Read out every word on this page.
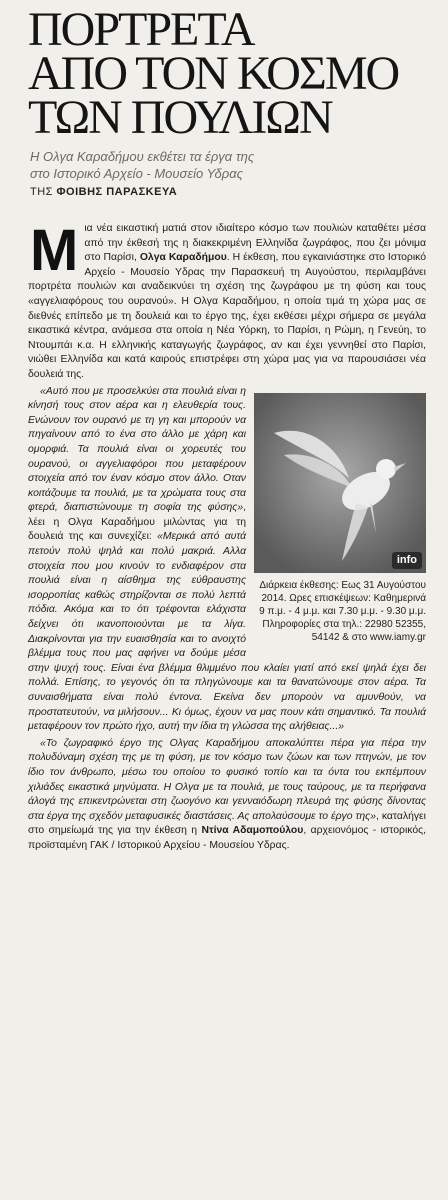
ΠΟΡΤΡΕΤΑ
ΑΠΟ ΤΟΝ ΚΟΣΜΟ
ΤΩΝ ΠΟΥΛΙΩΝ
Η Ολγα Καραδήμου εκθέτει τα έργα της
στο Ιστορικό Αρχείο - Μουσείο Υδρας
ΤΗΣ ΦΟΙΒΗΣ ΠΑΡΑΣΚΕΥΑ

Μια νέα εικαστική ματιά στον ιδιαίτερο κόσμο των πουλιών καταθέτει μέσα από την έκθεσή της η διακεκριμένη Ελληνίδα ζωγράφος, που ζει μόνιμα στο Παρίσι, Ολγα Καραδήμου. Η έκθεση, που εγκαινιάστηκε στο Ιστορικό Αρχείο - Μουσείο Υδρας την Παρασκευή τη Αυγούστου, περιλαμβάνει πορτρέτα πουλιών και αναδεικνύει τη σχέση της ζωγράφου με τη φύση και τους «αγγελιαφόρους του ουρανού». Η Ολγα Καραδήμου, η οποία τιμά τη χώρα μας σε διεθνές επίπεδο με τη δουλειά και το έργο της, έχει εκθέσει μέχρι σήμερα σε μεγάλα εικαστικά κέντρα, ανάμεσα στα οποία η Νέα Υόρκη, το Παρίσι, η Ρώμη, η Γενεύη, το Ντουμπάι κ.α. Η ελληνικής καταγωγής ζωγράφος, αν και έχει γεννηθεί στο Παρίσι, νιώθει Ελληνίδα και κατά καιρούς επιστρέφει στη χώρα μας για να παρουσιάσει νέα δουλειά της.

info
Διάρκεια έκθεσης: Εως 31 Αυγούστου 2014. Ωρες επισκέψεων: Καθημερινά 9 π.μ. - 4 μ.μ. και 7.30 μ.μ. - 9.30 μ.μ. Πληροφορίες στα τηλ.: 22980 52355, 54142 & στο www.iamy.gr

«Αυτό που με προσελκύει στα πουλιά είναι η κίνησή τους στον αέρα και η ελευθερία τους. Ενώνουν τον ουρανό με τη γη και μπορούν να πηγαίνουν από το ένα στο άλλο με χάρη και ομορφιά. Τα πουλιά είναι οι χορευτές του ουρανού, οι αγγελιαφόροι που μεταφέρουν στοιχεία από τον έναν κόσμο στον άλλο. Οταν κοιτάζουμε τα πουλιά, με τα χρώματα τους στα φτερά, διαπιστώνουμε τη σοφία της φύσης», λέει η Ολγα Καραδήμου μιλώντας για τη δουλειά της και συνεχίζει: «Μερικά από αυτά πετούν πολύ ψηλά και πολύ μακριά. Αλλα στοιχεία που μου κινούν το ενδιαφέρον στα πουλιά είναι η αίσθημα της εύθραυστης ισορροπίας καθώς στηρίζονται σε πολύ λεπτά πόδια. Ακόμα και το ότι τρέφονται ελάχιστα δείχνει ότι ικανοποιούνται με τα λίγα. Διακρίνονται για την ευαισθησία και το ανοιχτό βλέμμα τους που μας αφήνει να δούμε μέσα στην ψυχή τους. Είναι ένα βλέμμα θλιμμένο που κλαίει γιατί από εκεί ψηλά έχει δει πολλά. Επίσης, το γεγονός ότι τα πληγώνουμε και τα θανατώνουμε στον αέρα. Τα συναισθήματα είναι πολύ έντονα. Εκείνα δεν μπορούν να αμυνθούν, να προστατευτούν, να μιλήσουν... Κι όμως, έχουν να μας πουν κάτι σημαντικό. Τα πουλιά μεταφέρουν τον πρώτο ήχο, αυτή την ίδια τη γλώσσα της αλήθειας...»

«Το ζωγραφικό έργο της Ολγας Καραδήμου αποκαλύπτει πέρα για πέρα την πολυδύναμη σχέση της με τη φύση, με τον κόσμο των ζώων και των πτηνών, με τον ίδιο τον άνθρωπο, μέσω του οποίου το φυσικό τοπίο και τα όντα του εκπέμπουν χιλιάδες εικαστικά μηνύματα. Η Ολγα με τα πουλιά, με τους ταύρους, με τα περήφανα άλογά της επικεντρώνεται στη ζωογόνο και γενναιόδωρη πλευρά της φύσης δίνοντας στα έργα της σχεδόν μεταφυσικές διαστάσεις. Ας απολαύσουμε το έργο της», καταλήγει στο σημείωμά της για την έκθεση η Ντίνα Αδαμοπούλου, αρχειονόμος - ιστορικός, προϊσταμένη ΓΑΚ / Ιστορικού Αρχείου - Μουσείου Υδρας.
